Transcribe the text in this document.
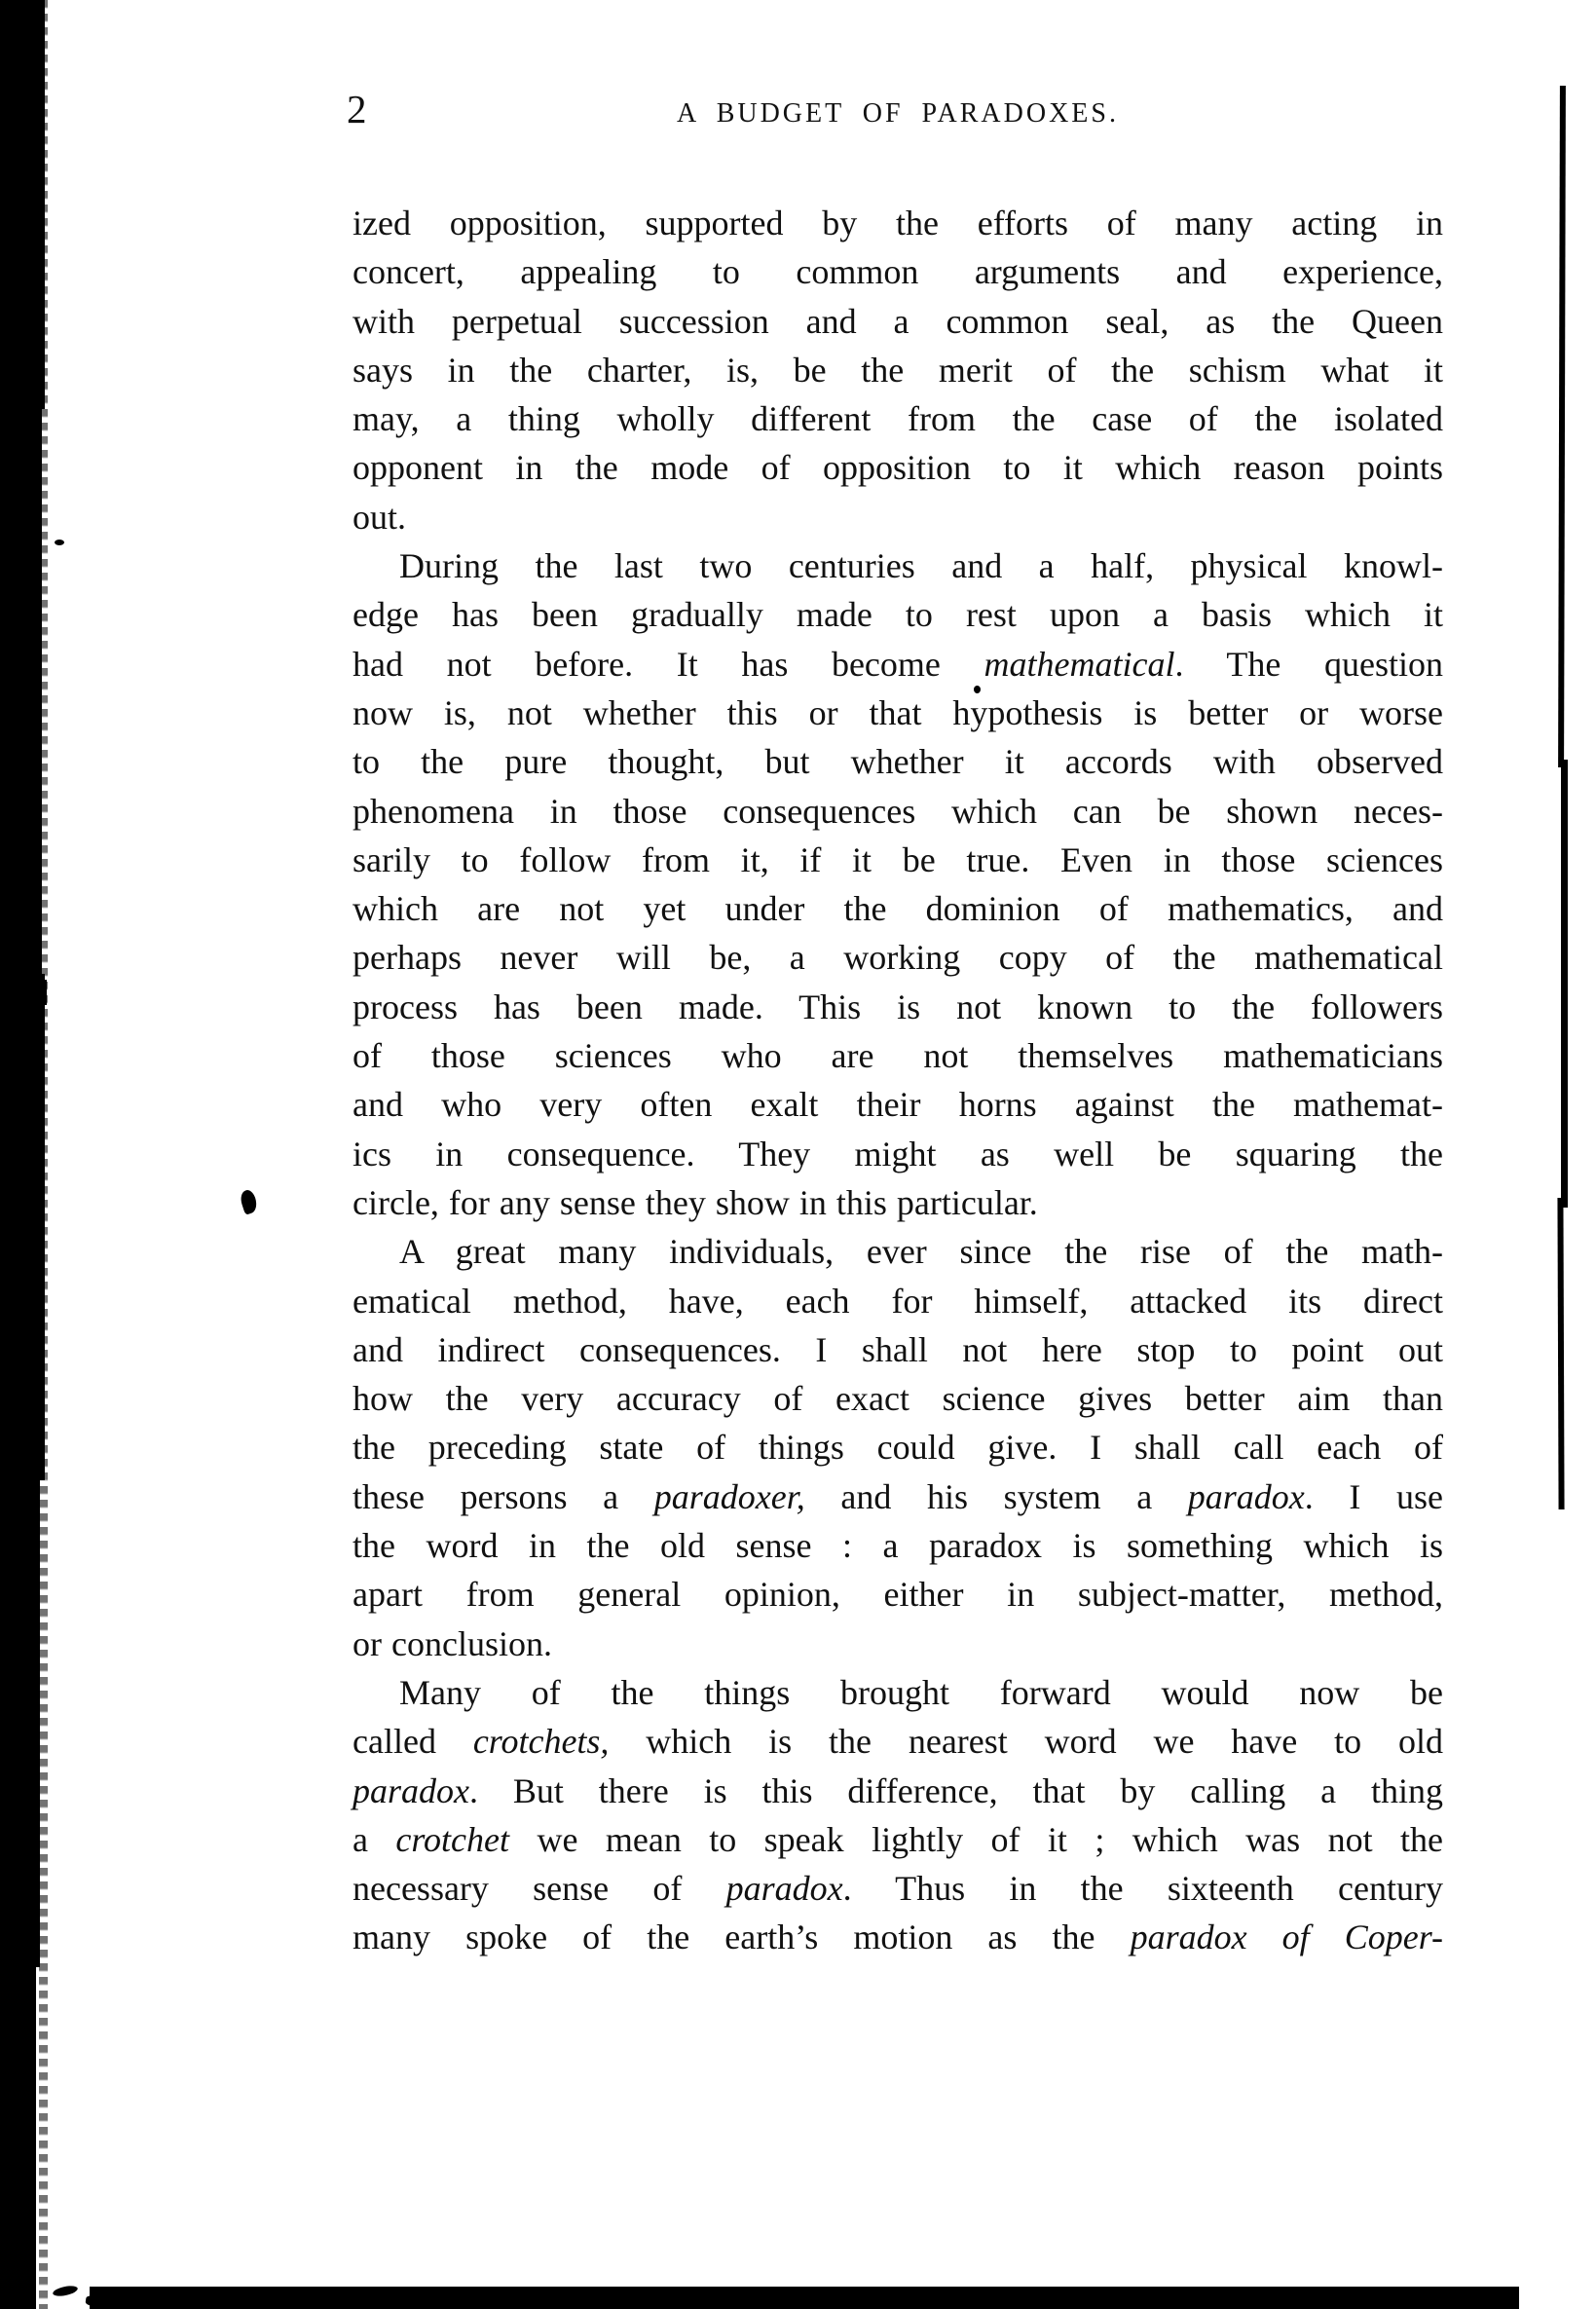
2	A BUDGET OF PARADOXES.
ized opposition, supported by the efforts of many acting in
concert, appealing to common arguments and experience,
with perpetual succession and a common seal, as the Queen
says in the charter, is, be the merit of the schism what it
may, a thing wholly different from the case of the isolated
opponent in the mode of opposition to it which reason points
out.
During the last two centuries and a half, physical knowl-
edge has been gradually made to rest upon a basis which it
had not before. It has become mathematical. The question
now is, not whether this or that hypothesis is better or worse
to the pure thought, but whether it accords with observed
phenomena in those consequences which can be shown neces-
sarily to follow from it, if it be true. Even in those sciences
which are not yet under the dominion of mathematics, and
perhaps never will be, a working copy of the mathematical
process has been made. This is not known to the followers
of those sciences who are not themselves mathematicians
and who very often exalt their horns against the mathemat-
ics in consequence. They might as well be squaring the
circle, for any sense they show in this particular.
A great many individuals, ever since the rise of the math-
ematical method, have, each for himself, attacked its direct
and indirect consequences. I shall not here stop to point out
how the very accuracy of exact science gives better aim than
the preceding state of things could give. I shall call each of
these persons a paradoxer, and his system a paradox. I use
the word in the old sense : a paradox is something which is
apart from general opinion, either in subject-matter, method,
or conclusion.
Many of the things brought forward would now be
called crotchets, which is the nearest word we have to old
paradox. But there is this difference, that by calling a thing
a crotchet we mean to speak lightly of it ; which was not the
necessary sense of paradox. Thus in the sixteenth century
many spoke of the earth’s motion as the paradox of Coper-
